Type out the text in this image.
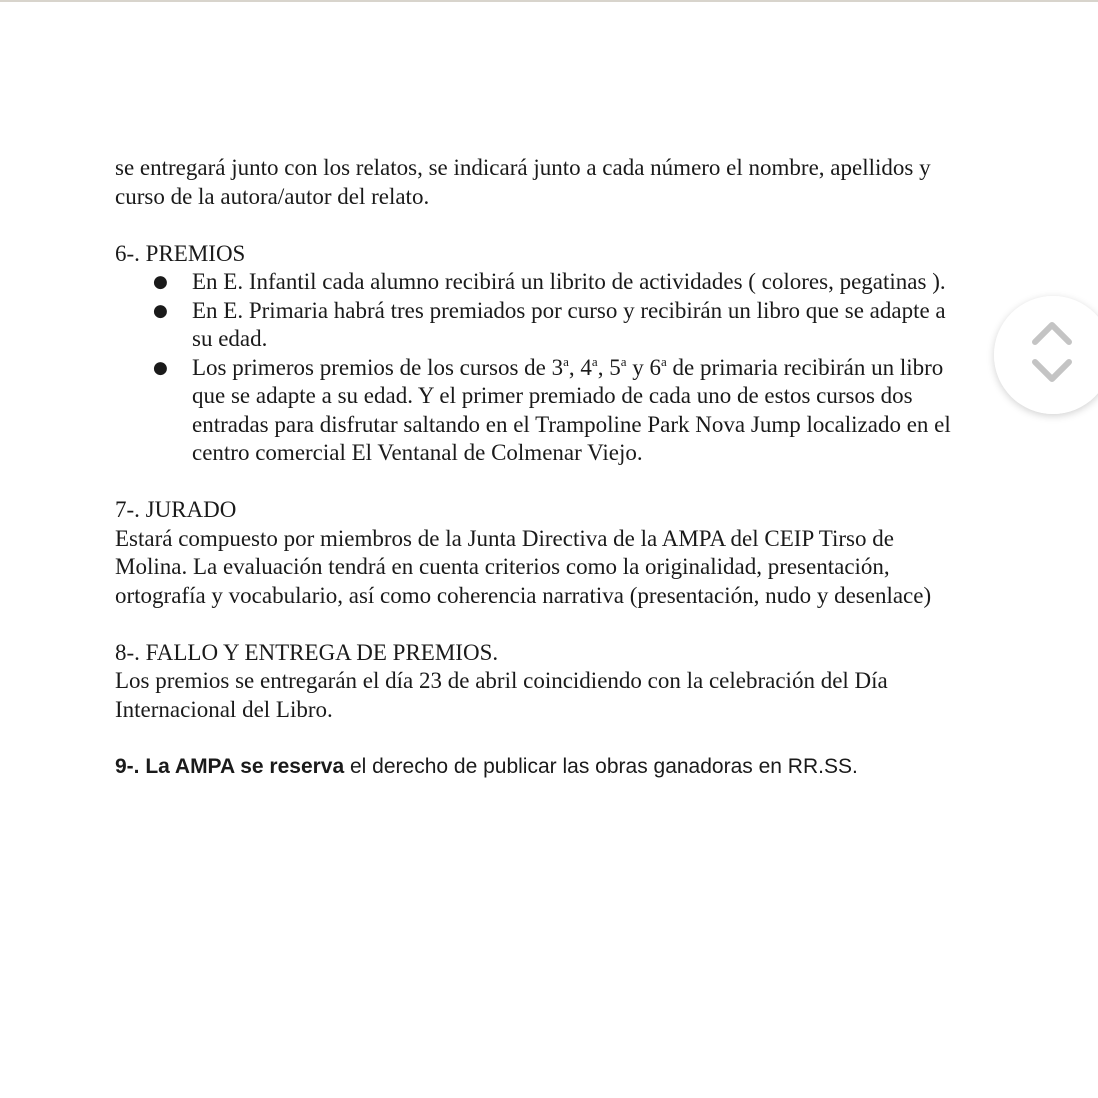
se entregará junto con los relatos, se indicará junto a cada número el nombre, apellidos y

curso de la autora/autor del relato.

6-. PREMIOS

● En E. Infantil cada alumno recibirá un librito de actividades ( colores, pegatinas ).
● En E. Primaria habrá tres premiados por curso y recibirán un libro que se adapte a
su edad.
● Los primeros premios de los cursos de 3$^a$, 4$^a$, 5$^a$ y 6$^a$ de primaria recibirán un libro
que se adapte a su edad. Y el primer premiado de cada uno de estos cursos dos
entradas para disfrutar saltando en el Trampoline Park Nova Jump localizado en el
centro comercial El Ventanal de Colmenar Viejo.

7-. JURADO

Estará compuesto por miembros de la Junta Directiva de la AMPA del CEIP Tirso de

Molina. La evaluación tendrá en cuenta criterios como la originalidad, presentación,

ortografía y vocabulario, así como coherencia narrativa (presentación, nudo y desenlace)

8-. FALLO Y ENTREGA DE PREMIOS.

Los premios se entregarán el día 23 de abril coincidiendo con la celebración del Día

Internacional del Libro.

9-. La AMPA se reserva el derecho de publicar las obras ganadoras en RR.SS.
